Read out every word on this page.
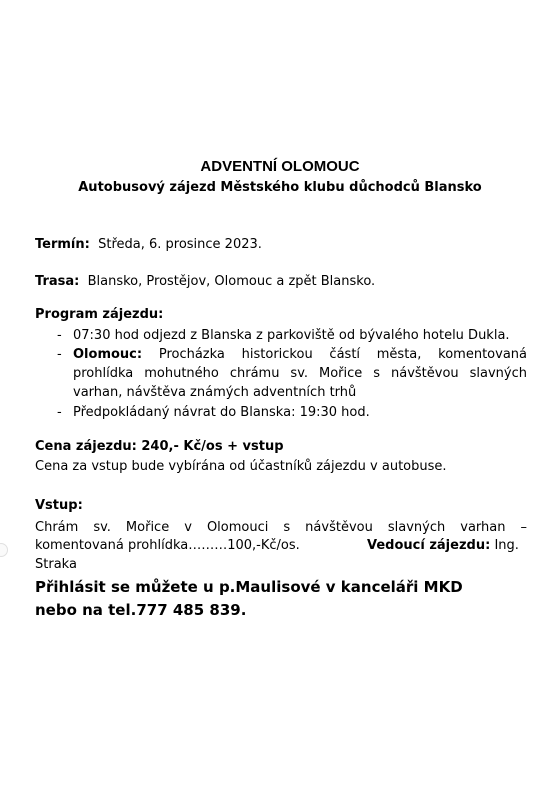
ADVENTNÍ OLOMOUC
Autobusový zájezd Městského klubu důchodců Blansko
Termín: Středa, 6. prosince 2023.
Trasa: Blansko, Prostějov, Olomouc a zpět Blansko.
Program zájezdu:
- 07:30 hod odjezd z Blanska z parkoviště od bývalého hotelu Dukla.
- Olomouc: Procházka historickou částí města, komentovaná prohlídka mohutného chrámu sv. Mořice s návštěvou slavných varhan, návštěva známých adventních trhů
- Předpokládaný návrat do Blanska: 19:30 hod.
Cena zájezdu: 240,- Kč/os + vstup
Cena za vstup bude vybírána od účastníků zájezdu v autobuse.
Vstup:
Chrám sv. Mořice v Olomouci s návštěvou slavných varhan –
komentovaná prohlídka………100,-Kč/os.	Vedoucí zájezdu: Ing.
Straka
Přihlásit se můžete u p.Maulisové v kanceláři MKD
nebo na tel.777 485 839.
